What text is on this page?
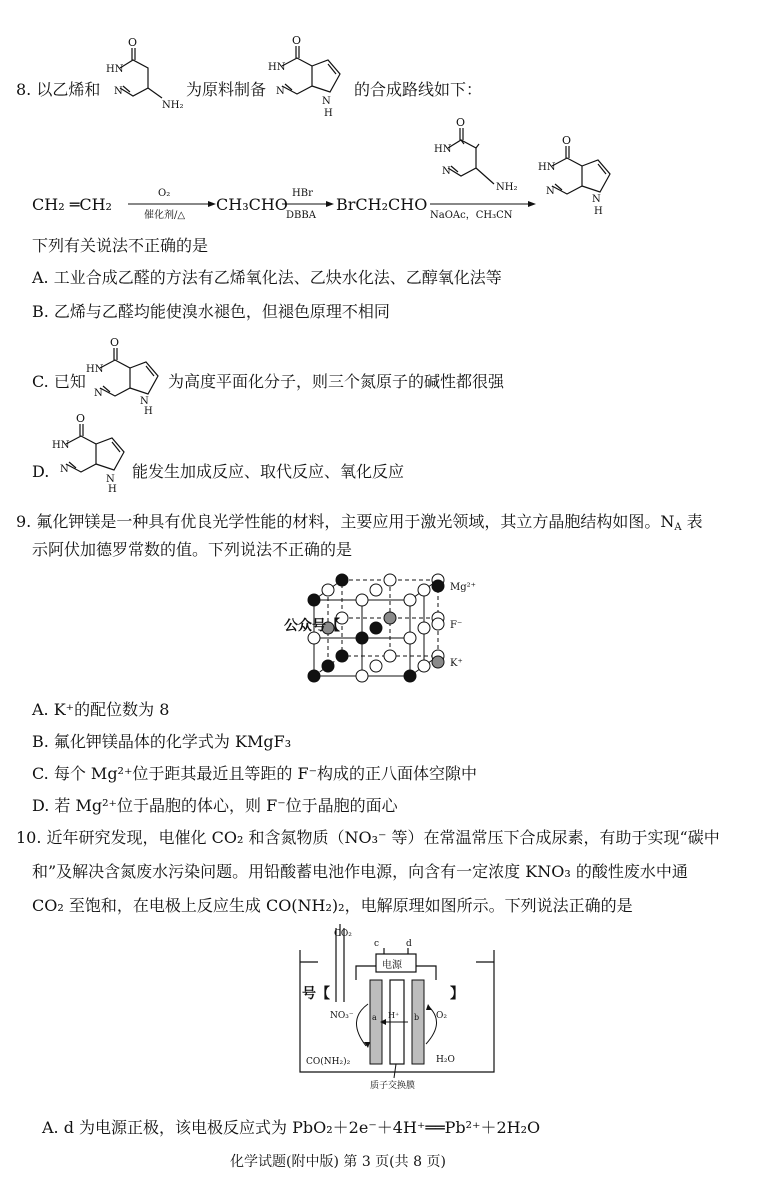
8. 以乙烯和
O
HN
N
NH₂
为原料制备
O
HN
N
N
H
的合成路线如下：
CH₂ ═CH₂
O₂
催化剂/△
CH₃CHO
HBr
DBBA
BrCH₂CHO
O
HN
N
NH₂
NaOAc，CH₃CN
O
HN
N
N
H
下列有关说法不正确的是
A. 工业合成乙醛的方法有乙烯氧化法、乙炔水化法、乙醇氧化法等
B. 乙烯与乙醛均能使溴水褪色，但褪色原理不相同
C. 已知
O
HN
N
N
H
为高度平面化分子，则三个氮原子的碱性都很强
D.
O
HN
N
N
H
能发生加成反应、取代反应、氧化反应
9. 氟化钾镁是一种具有优良光学性能的材料，主要应用于激光领域，其立方晶胞结构如图。$N_A$ 表
示阿伏加德罗常数的值。下列说法不正确的是
公众号【
Mg²⁺
F⁻
K⁺
A. K⁺的配位数为 8
B. 氟化钾镁晶体的化学式为 KMgF₃
C. 每个 Mg²⁺位于距其最近且等距的 F⁻构成的正八面体空隙中
D. 若 Mg²⁺位于晶胞的体心，则 F⁻位于晶胞的面心
10. 近年研究发现，电催化 CO₂ 和含氮物质（NO₃⁻ 等）在常温常压下合成尿素，有助于实现“碳中
和”及解决含氮废水污染问题。用铅酸蓄电池作电源，向含有一定浓度 KNO₃ 的酸性废水中通
CO₂ 至饱和，在电极上反应生成 CO(NH₂)₂，电解原理如图所示。下列说法正确的是
CO₂
c	d
电源
号【	】
NO₃⁻ a H⁺ b O₂
CO(NH₂)₂	H₂O
质子交换膜
A. d 为电源正极，该电极反应式为 PbO₂＋2e⁻＋4H⁺══Pb²⁺＋2H₂O
化学试题(附中版) 第 3 页(共 8 页)
